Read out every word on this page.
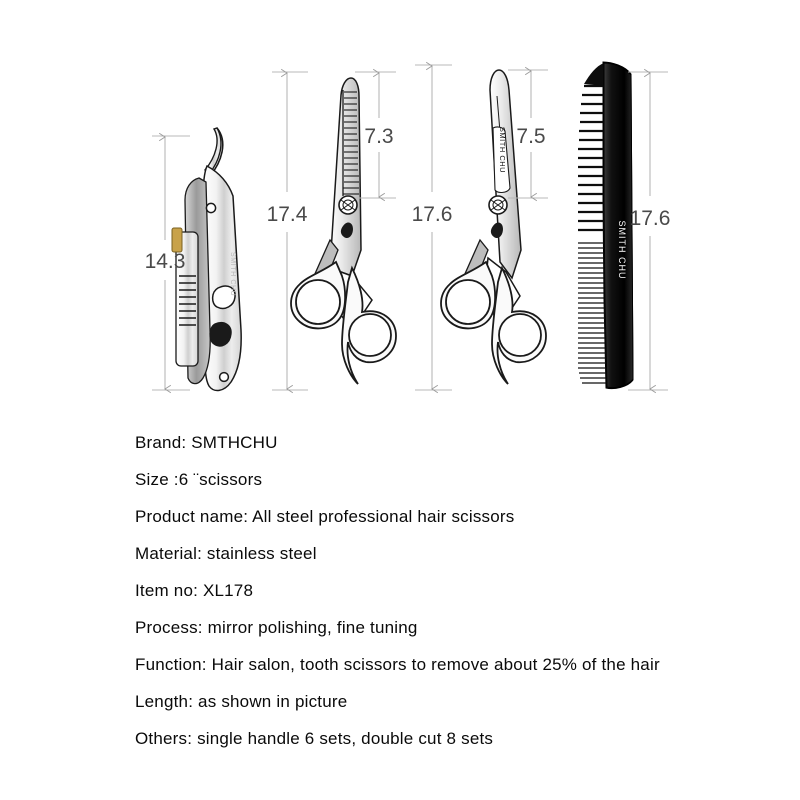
SMITH CHU
14.3
17.4
7.3	SMITH CHU
17.6
7.5
SMITH CHU
17.6
Brand: SMTHCHU
Size :6 ¨scissors
Product name: All steel professional hair scissors
Material: stainless steel
Item no: XL178
Process: mirror polishing, fine tuning
Function: Hair salon, tooth scissors to remove about 25% of the hair
Length: as shown in picture
Others: single handle 6 sets, double cut 8 sets
